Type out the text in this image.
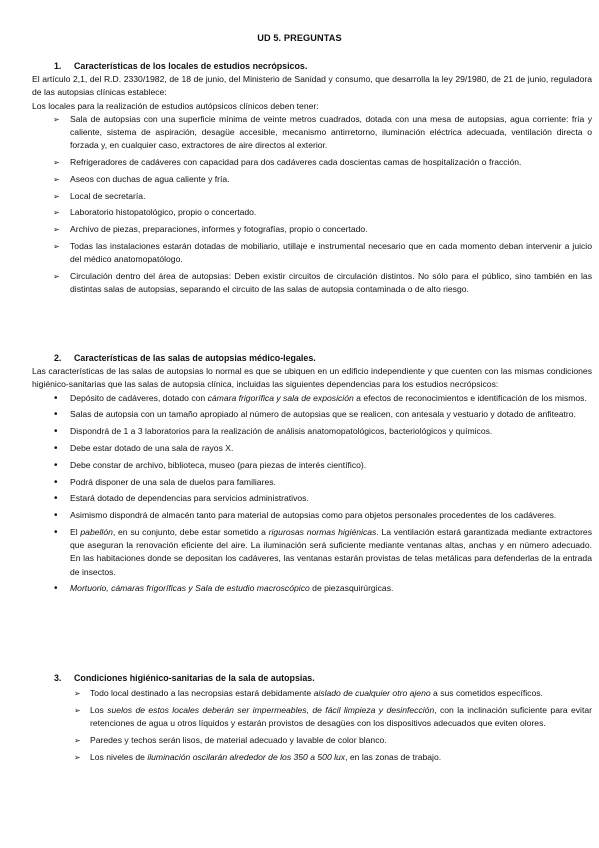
UD 5. PREGUNTAS
1. Características de los locales de estudios necrópsicos.

El artículo 2,1, del R.D. 2330/1982, de 18 de junio, del Ministerio de Sanidad y consumo, que desarrolla la ley 29/1980, de 21 de junio, reguladora de las autopsias clínicas establece:

Los locales para la realización de estudios autópsicos clínicos deben tener:

➢ Sala de autopsias con una superficie mínima de veinte metros cuadrados, dotada con una mesa de autopsias, agua corriente: fría y caliente, sistema de aspiración, desagüe accesible, mecanismo antirretorno, iluminación eléctrica adecuada, ventilación directa o forzada y, en cualquier caso, extractores de aire directos al exterior.
➢ Refrigeradores de cadáveres con capacidad para dos cadáveres cada doscientas camas de hospitalización o fracción.
➢ Aseos con duchas de agua caliente y fría.
➢ Local de secretaría.
➢ Laboratorio histopatológico, propio o concertado.
➢ Archivo de piezas, preparaciones, informes y fotografías, propio o concertado.
➢ Todas las instalaciones estarán dotadas de mobiliario, utillaje e instrumental necesario que en cada momento deban intervenir a juicio del médico anatomopatólogo.
➢ Circulación dentro del área de autopsias: Deben existir circuitos de circulación distintos. No sólo para el público, sino también en las distintas salas de autopsias, separando el circuito de las salas de autopsia contaminada o de alto riesgo.
2. Características de las salas de autopsias médico-legales.

Las características de las salas de autopsias lo normal es que se ubiquen en un edificio independiente y que cuenten con las mismas condiciones higiénico-sanitarias que las salas de autopsia clínica, incluidas las siguientes dependencias para los estudios necrópsicos:

• Depósito de cadáveres, dotado con cámara frigorífica y sala de exposición a efectos de reconocimientos e identificación de los mismos.
• Salas de autopsia con un tamaño apropiado al número de autopsias que se realicen, con antesala y vestuario y dotado de anfiteatro.
• Dispondrá de 1 a 3 laboratorios para la realización de análisis anatomopatológicos, bacteriológicos y químicos.
• Debe estar dotado de una sala de rayos X.
• Debe constar de archivo, biblioteca, museo (para piezas de interés científico).
• Podrá disponer de una sala de duelos para familiares.
• Estará dotado de dependencias para servicios administrativos.
• Asimismo dispondrá de almacén tanto para material de autopsias como para objetos personales procedentes de los cadáveres.
• El pabellón, en su conjunto, debe estar sometido a rigurosas normas higiénicas. La ventilación estará garantizada mediante extractores que aseguran la renovación eficiente del aire. La iluminación será suficiente mediante ventanas altas, anchas y en número adecuado. En las habitaciones donde se depositan los cadáveres, las ventanas estarán provistas de telas metálicas para defenderlas de la entrada de insectos.
• Mortuorio, cámaras frigoríficas y Sala de estudio macroscópico de piezasquirúrgicas.
3. Condiciones higiénico-sanitarias de la sala de autopsias.
➢ Todo local destinado a las necropsias estará debidamente aislado de cualquier otro ajeno a sus cometidos específicos.
➢ Los suelos de estos locales deberán ser impermeables, de fácil limpieza y desinfección, con la inclinación suficiente para evitar retenciones de agua u otros líquidos y estarán provistos de desagües con los dispositivos adecuados que eviten olores.
➢ Paredes y techos serán lisos, de material adecuado y lavable de color blanco.
➢ Los niveles de iluminación oscilarán alrededor de los 350 a 500 lux, en las zonas de trabajo.
